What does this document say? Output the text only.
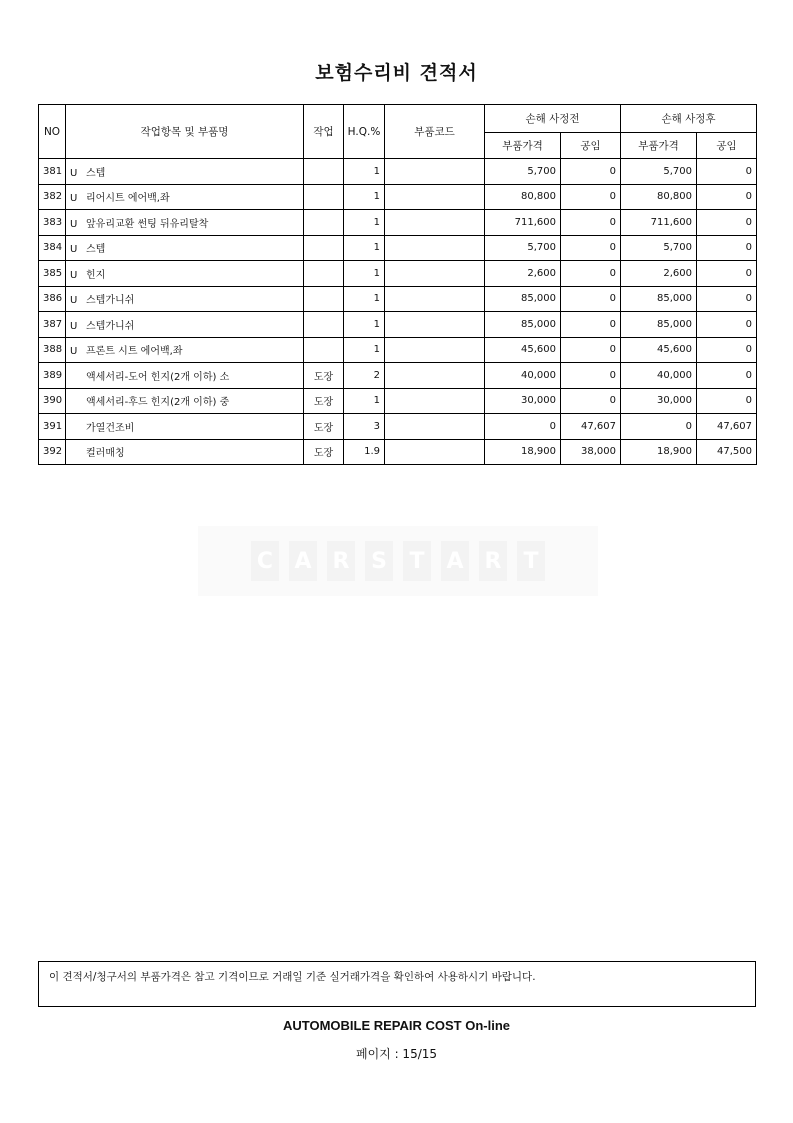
보험수리비 견적서
NO	작업항목 및 부품명	작업	H.Q.%	부품코드	손해 사정전		손해 사정후	
					부품가격	공임	부품가격	공임
381	U 스텝		1		5,700	0	5,700	0
382	U 리어시트 에어백,좌		1		80,800	0	80,800	0
383	U 앞유리교환 썬팅 뒤유리탈착		1		711,600	0	711,600	0
384	U 스텝		1		5,700	0	5,700	0
385	U 힌지		1		2,600	0	2,600	0
386	U 스텝가니쉬		1		85,000	0	85,000	0
387	U 스텝가니쉬		1		85,000	0	85,000	0
388	U 프론트 시트 에어백,좌		1		45,600	0	45,600	0
389	액세서리-도어 힌지(2개 이하) 소	도장	2		40,000	0	40,000	0
390	액세서리-후드 힌지(2개 이하) 중	도장	1		30,000	0	30,000	0
391	가열건조비	도장	3		0	47,607	0	47,607
392	컬러매칭	도장	1.9		18,900	38,000	18,900	47,500
C A R S T A R T
이 견적서/청구서의 부품가격은 참고 기격이므로 거래일 기준 실거래가격을 확인하여 사용하시기 바랍니다.
AUTOMOBILE REPAIR COST On-line
페이지 : 15/15
